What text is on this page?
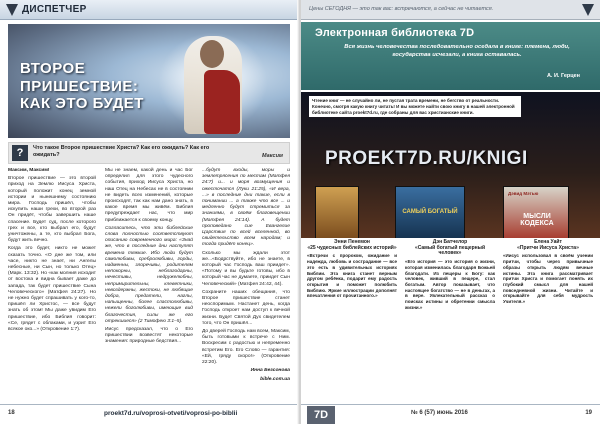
ДИСПЕТЧЕР
ВТОРОЕ
ПРИШЕСТВИЕ:
КАК ЭТО БУДЕТ
?	Что такое Второе пришествие Христа? Как его ожидать? Как его ожидать?	Максим

Максим, Максим!

Второе пришествие — это второй приход на Землю Иисуса Христа, который положит конец земной истории и нынешнему состоянию мира. Господь пришёл, чтобы искупить наши грехи, во второй раз Он придёт, чтобы завершить наше спасение. Будет суд, после которого грех и все, кто выбрал его, будут уничтожены, а те, кто выбрал Бога, будут жить вечно.

Когда это будет, никто не может сказать точно. «О дне же том, или часе, никто не знает, ни Ангелы небесные, ни Сын, но только Отец» (Марк. 13:32). Но «как молния исходит от востока и видна бывает даже до запада, так будет пришествие Сына Человеческого» (Матфея 24:27). Но не нужно будет спрашивать у кого-то, пришёл ли Христос, — все будут знать об этом! Мы даже увидим Его пришествие, ибо Библия говорит: «Се, грядет с облаками, и узрит Его всякое око...» (Откровение 1:7).

Мы не знаем, какой день и час Бог определил для этого чудесного события, приход Иисуса Христа, но наш Отец на Небесах не в состоянии не видеть всех изменений, которые происходят, так как нам дано знать, в какое время мы живём. Библия предупреждает нас, что мир приближается к своему концу.

Согласитесь, что эти библейские слова полностью соответствуют описанию современного мира: «Знай же, что в последние дни наступят времена тяжкие. Ибо люди будут самолюбивы, сребролюбивы, горды, надменны, злоречивы, родителям непокорны, неблагодарны, нечестивы, недружелюбны, непримирительны, клеветники, невоздержны, жестоки, не любящие добра, предатели, наглы, напыщенны, более сластолюбивы, нежели боголюбивы, имеющие вид благочестия, силы же его отрекшиеся» (2 Тимофею 3:1–5).

Иисус предсказал, что о Его пришествии возвестят некоторые знамения: природные бедствия...

...будут входы, моры и землетрясения по местам (Матфея 24:7) и... и моря возмущения и ожесточатся (Луки 21:25), «И вера, ...» в последние дни такие, если в понимании ... а также что все ... и медленно будут стремиться за знаниями, в своём благовещении (Матфея 24:14). А будет проповедано сие Евангелие Царствия по всей вселенной, во свидетельство всем народам; и тогда придёт конец».

Сколько мы ждали этот же...«Бодрствуйте, ибо не знаете, в который час Господь ваш приидет». «Потому и вы будьте готовы, ибо в который час не думаете, приидет Сын Человеческий» (Матфея 24:42, 44).

Сохраните наших обещания, что Второе пришествие станет неоспоримым. Настанет день, когда Господь откроет нам доступ к вечной жизни. Будет Святой Дух свидетелем того, что Он пришёл...

До дверей Господь нам всем, Максим, быть готовыми к встрече с Ним. Воскресим с радостью и непременно встретим Его. Его Слово — гарантия: «Ей, гряду скоро!» (Откровение 22:20).

Инна Безсонова

bible.com.ua

18	proekt7d.ru/voprosi-otveti/voprosi-po-biblii
Цены СЕГОДНЯ — это так вас: встречаются, а сейчас не читается.
Электронная библиотека 7D
Вся жизнь человечества последовательно оседала в книге: племена, люди, государства исчезали, а книга оставалась.
А. И. Герцен
Чтение книг — не случайно ли, не пустая трата времени, не бегство от реальности. Конечно, смотря какую книгу читать! И вы можете найти свою книгу в нашей электронной библиотеке сайта proekt7d.ru, где собраны для вас христианские книги.
PROEKT7D.RU/KNIGI
САМЫЙ БОГАТЫЙ
Дэвид Мэтью
МЫСЛИ КОДЕКСА
Энни Пенемон
«25 чудесных библейских историй»
«Встречи с пророком, ожидание и надежда, любовь и сострадание — все это есть в удивительных историях Библии. Эта книга станет верным другом ребёнка, подарит ему радость открытия и поможет полюбить Библию. Яркие иллюстрации дополнят впечатления от прочитанного.»
Дэн Батчелор
«Самый богатый пещерный человек»
«Его история — это история о жизни, которая изменилась благодаря Божьей благодати. Из пещеры к Богу: как человек, живший в пещере, стал богатым. Автор показывает, что настоящее богатство — не в деньгах, а в вере. Увлекательный рассказ о поисках истины и обретении смысла жизни.»
Елена Уайт
«Притчи Иисуса Христа»
«Иисус использовал в своём учении притчи, чтобы через привычные образы открыть людям вечные истины. Эта книга рассматривает притчи Христа и помогает понять их глубокий смысл для нашей повседневной жизни. Читайте и открывайте для себя мудрость Учителя.»
7D	№ 6 (57) июнь 2016	19
